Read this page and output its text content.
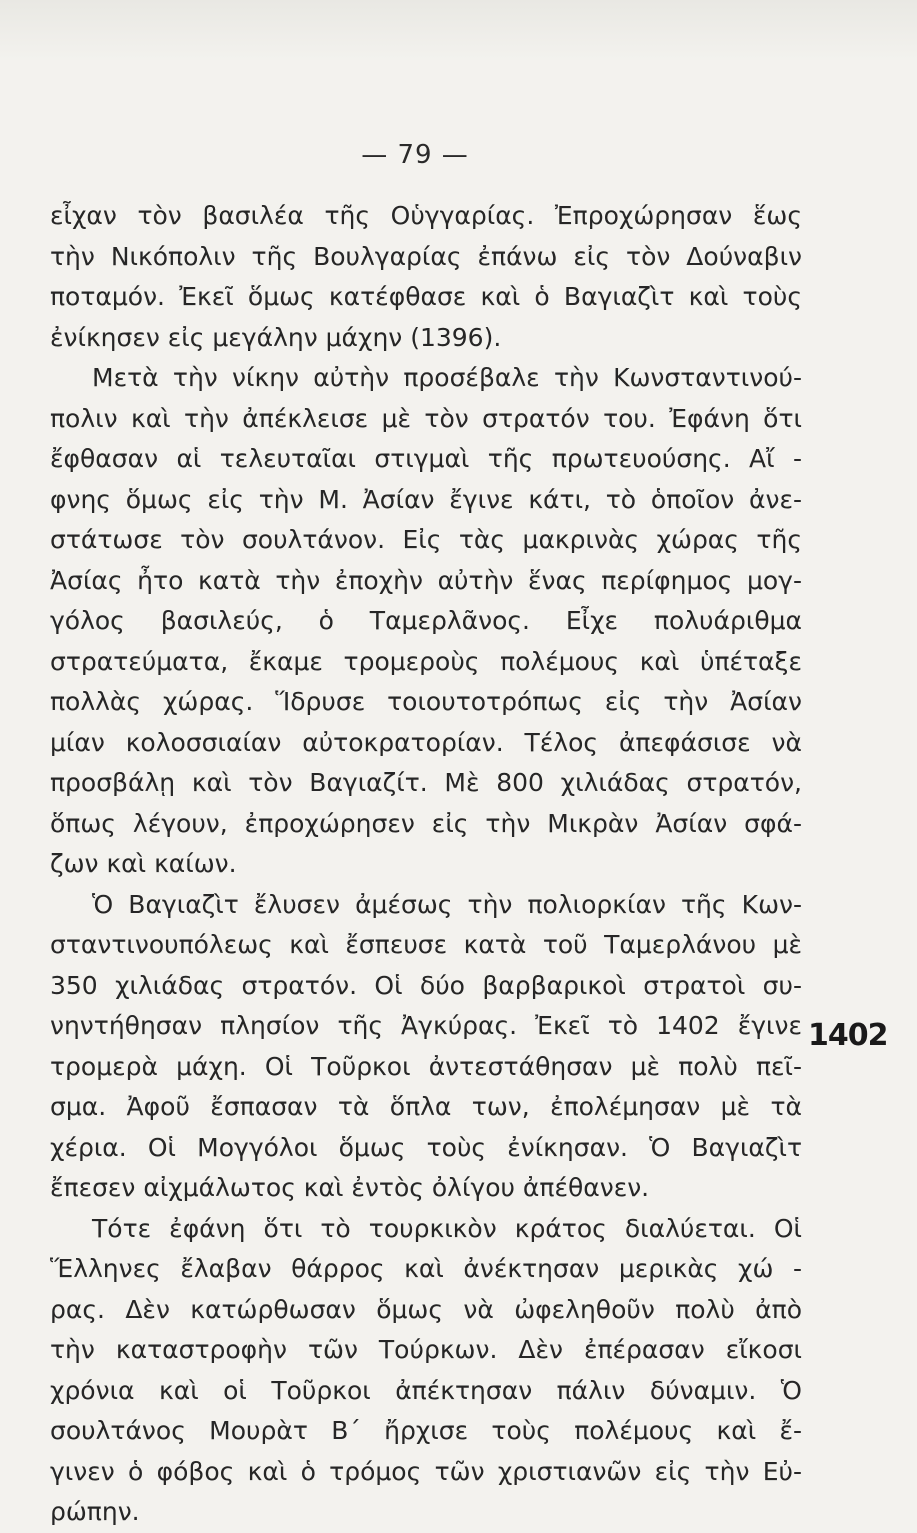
— 79 —
εἶχαν τὸν βασιλέα τῆς Οὑγγαρίας. Ἐπροχώρησαν ἕως
τὴν Νικόπολιν τῆς Βουλγαρίας ἐπάνω εἰς τὸν Δούναβιν
ποταμόν. Ἐκεῖ ὅμως κατέφθασε καὶ ὁ Βαγιαζὶτ καὶ τοὺς
ἐνίκησεν εἰς μεγάλην μάχην (1396).
Μετὰ τὴν νίκην αὐτὴν προσέβαλε τὴν Κωνσταντινού-
πολιν καὶ τὴν ἀπέκλεισε μὲ τὸν στρατόν του. Ἐφάνη ὅτι
ἔφθασαν αἱ τελευταῖαι στιγμαὶ τῆς πρωτευούσης. Αἴ -
φνης ὅμως εἰς τὴν Μ. Ἀσίαν ἔγινε κάτι, τὸ ὁποῖον ἀνε-
στάτωσε τὸν σουλτάνον. Εἰς τὰς μακρινὰς χώρας τῆς
Ἀσίας ἦτο κατὰ τὴν ἐποχὴν αὐτὴν ἕνας περίφημος μογ-
γόλος βασιλεύς, ὁ Ταμερλᾶνος. Εἶχε πολυάριθμα
στρατεύματα, ἔκαμε τρομεροὺς πολέμους καὶ ὑπέταξε
πολλὰς χώρας. Ἵδρυσε τοιουτοτρόπως εἰς τὴν Ἀσίαν
μίαν κολοσσιαίαν αὐτοκρατορίαν. Τέλος ἀπεφάσισε νὰ
προσβάλῃ καὶ τὸν Βαγιαζίτ. Μὲ 800 χιλιάδας στρατόν,
ὅπως λέγουν, ἐπροχώρησεν εἰς τὴν Μικρὰν Ἀσίαν σφά-
ζων καὶ καίων.
Ὁ Βαγιαζὶτ ἔλυσεν ἀμέσως τὴν πολιορκίαν τῆς Κων-
σταντινουπόλεως καὶ ἔσπευσε κατὰ τοῦ Ταμερλάνου μὲ
350 χιλιάδας στρατόν. Οἱ δύο βαρβαρικοὶ στρατοὶ συ-
νηντήθησαν πλησίον τῆς Ἀγκύρας. Ἐκεῖ τὸ 1402 ἔγινε
τρομερὰ μάχη. Οἱ Τοῦρκοι ἀντεστάθησαν μὲ πολὺ πεῖ-
σμα. Ἀφοῦ ἔσπασαν τὰ ὅπλα των, ἐπολέμησαν μὲ τὰ
χέρια. Οἱ Μογγόλοι ὅμως τοὺς ἐνίκησαν. Ὁ Βαγιαζὶτ
ἔπεσεν αἰχμάλωτος καὶ ἐντὸς ὀλίγου ἀπέθανεν.
Τότε ἐφάνη ὅτι τὸ τουρκικὸν κράτος διαλύεται. Οἱ
Ἕλληνες ἔλαβαν θάρρος καὶ ἀνέκτησαν μερικὰς χώ -
ρας. Δὲν κατώρθωσαν ὅμως νὰ ὠφεληθοῦν πολὺ ἀπὸ
τὴν καταστροφὴν τῶν Τούρκων. Δὲν ἐπέρασαν εἴκοσι
χρόνια καὶ οἱ Τοῦρκοι ἀπέκτησαν πάλιν δύναμιν. Ὁ
σουλτάνος Μουρὰτ Β΄ ἤρχισε τοὺς πολέμους καὶ ἔ-
γινεν ὁ φόβος καὶ ὁ τρόμος τῶν χριστιανῶν εἰς τὴν Εὐ-
ρώπην.
1402
